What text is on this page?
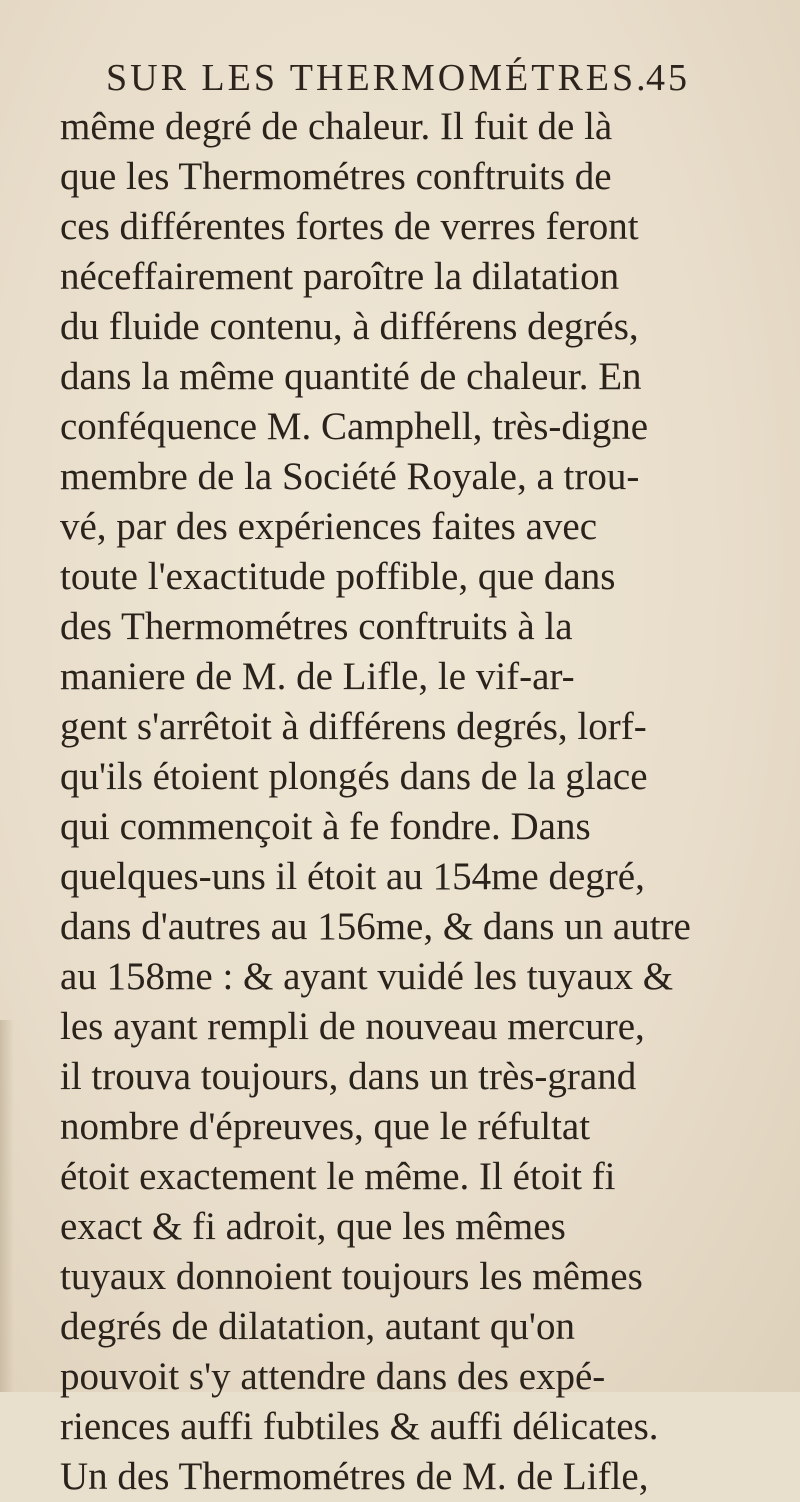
SUR LES THERMOMÉTRES.
45
même degré de chaleur. Il fuit de là
que les Thermométres conftruits de
ces différentes fortes de verres feront
néceffairement paroître la dilatation
du fluide contenu, à différens degrés,
dans la même quantité de chaleur. En
conféquence M. Camphell, très-digne
membre de la Société Royale, a trou-
vé, par des expériences faites avec
toute l'exactitude poffible, que dans
des Thermométres conftruits à la
maniere de M. de Lifle, le vif-ar-
gent s'arrêtoit à différens degrés, lorf-
qu'ils étoient plongés dans de la glace
qui commençoit à fe fondre. Dans
quelques-uns il étoit au 154me degré,
dans d'autres au 156me, & dans un autre
au 158me : & ayant vuidé les tuyaux &
les ayant rempli de nouveau mercure,
il trouva toujours, dans un très-grand
nombre d'épreuves, que le réfultat
étoit exactement le même. Il étoit fi
exact & fi adroit, que les mêmes
tuyaux donnoient toujours les mêmes
degrés de dilatation, autant qu'on
pouvoit s'y attendre dans des expé-
riences auffi fubtiles & auffi délicates.
Un des Thermométres de M. de Lifle,
